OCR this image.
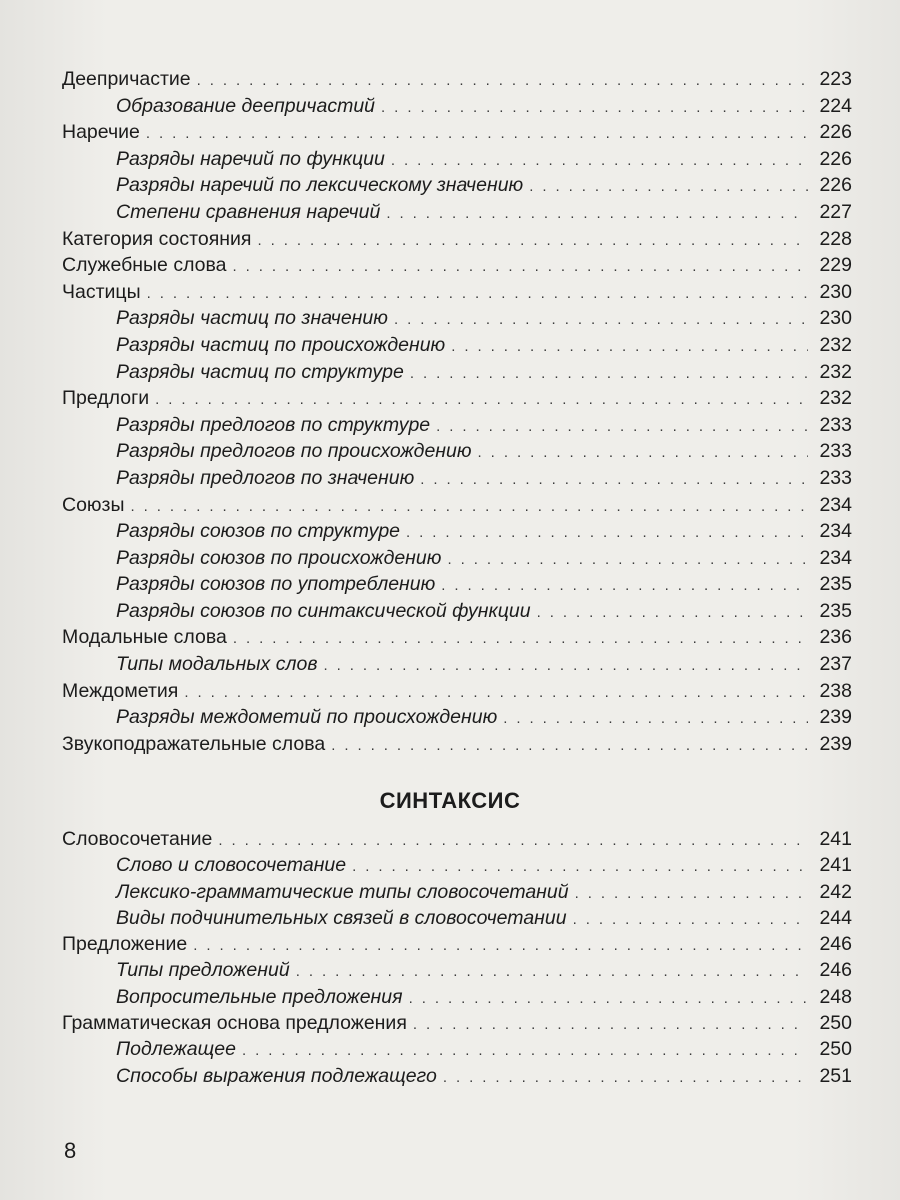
Деепричастие . . .	223
Образование деепричастий . . .	224
Наречие . . .	226
Разряды наречий по функции . . .	226
Разряды наречий по лексическому значению . . .	226
Степени сравнения наречий . . .	227
Категория состояния . . .	228
Служебные слова . . .	229
Частицы . . .	230
Разряды частиц по значению . . .	230
Разряды частиц по происхождению . . .	232
Разряды частиц по структуре . . .	232
Предлоги . . .	232
Разряды предлогов по структуре . . .	233
Разряды предлогов по происхождению . . .	233
Разряды предлогов по значению . . .	233
Союзы . . .	234
Разряды союзов по структуре . . .	234
Разряды союзов по происхождению . . .	234
Разряды союзов по употреблению . . .	235
Разряды союзов по синтаксической функции . . .	235
Модальные слова . . .	236
Типы модальных слов . . .	237
Междометия . . .	238
Разряды междометий по происхождению . . .	239
Звукоподражательные слова . . .	239
СИНТАКСИС
Словосочетание . . .	241
Слово и словосочетание . . .	241
Лексико-грамматические типы словосочетаний . . .	242
Виды подчинительных связей в словосочетании . . .	244
Предложение . . .	246
Типы предложений . . .	246
Вопросительные предложения . . .	248
Грамматическая основа предложения . . .	250
Подлежащее . . .	250
Способы выражения подлежащего . . .	251
8
